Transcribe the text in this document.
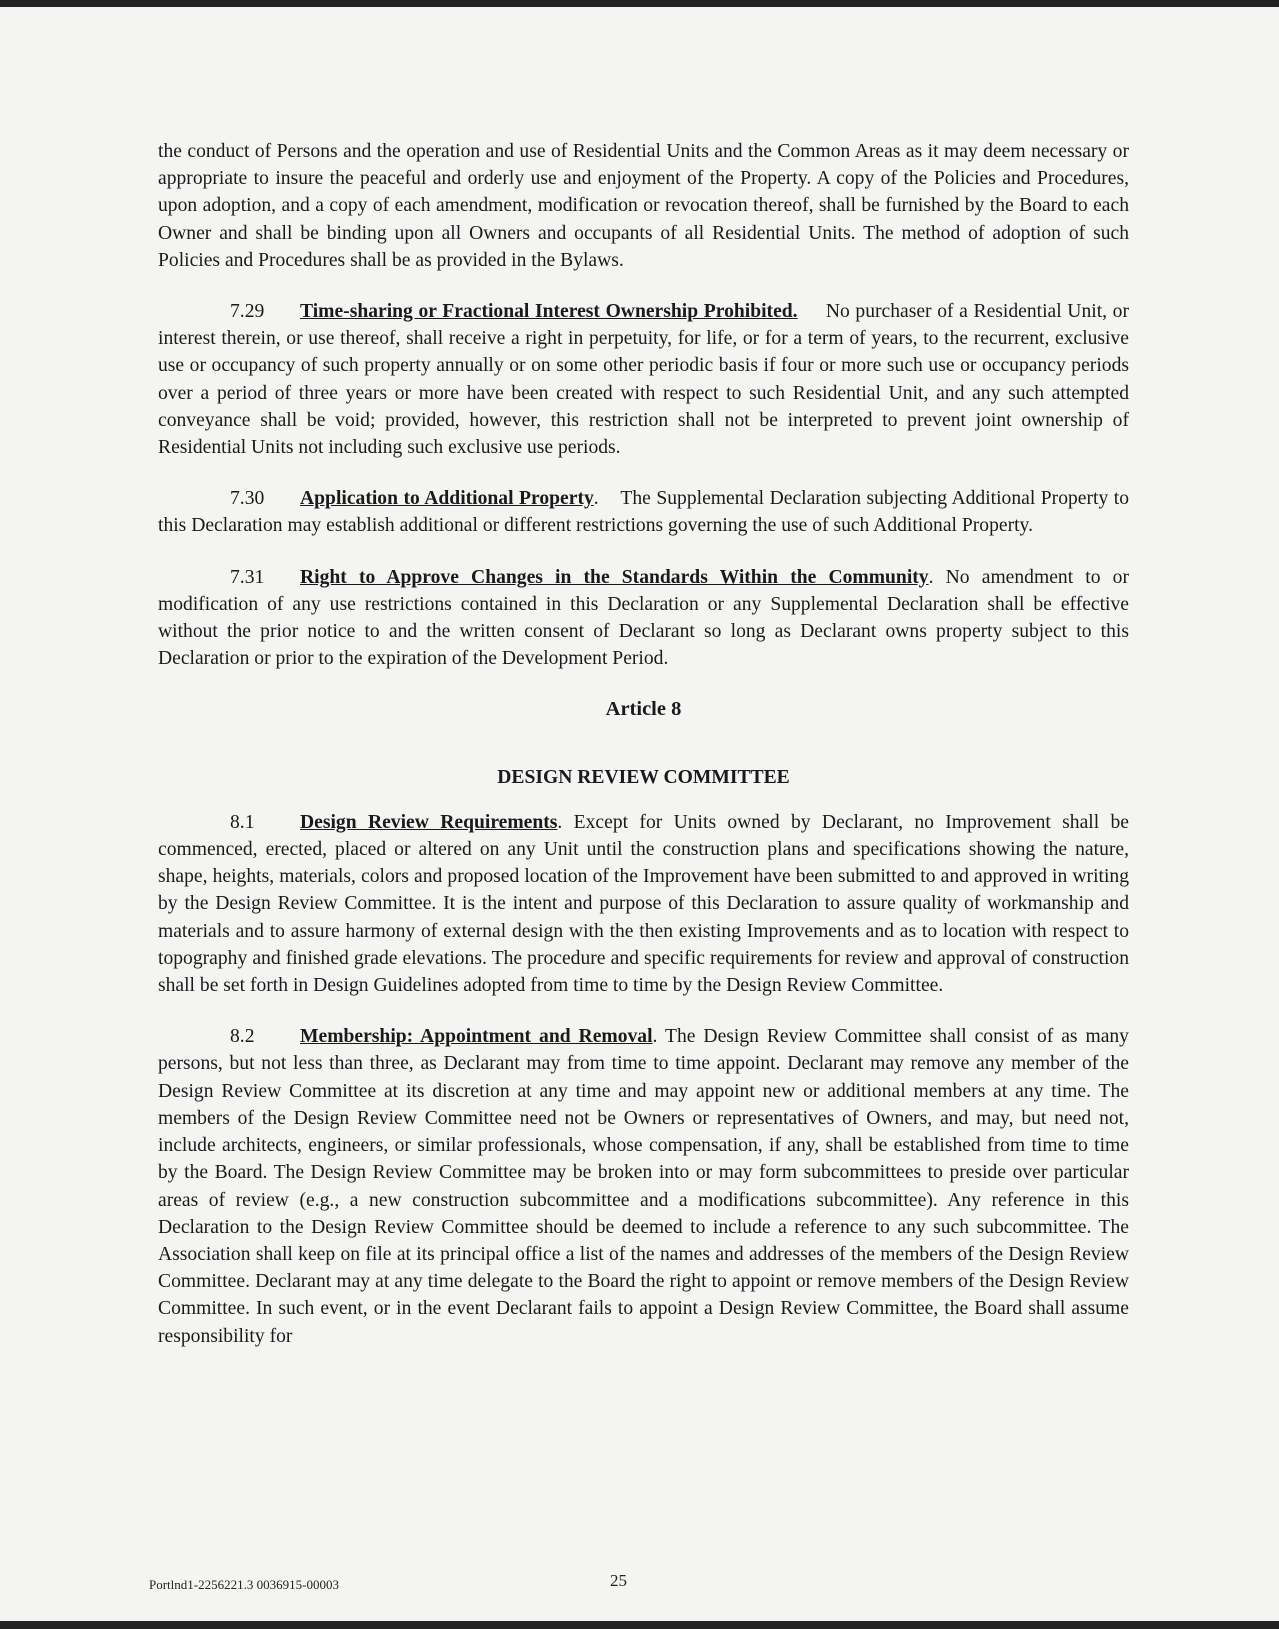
the conduct of Persons and the operation and use of Residential Units and the Common Areas as it may deem necessary or appropriate to insure the peaceful and orderly use and enjoyment of the Property. A copy of the Policies and Procedures, upon adoption, and a copy of each amendment, modification or revocation thereof, shall be furnished by the Board to each Owner and shall be binding upon all Owners and occupants of all Residential Units. The method of adoption of such Policies and Procedures shall be as provided in the Bylaws.

7.29 Time-sharing or Fractional Interest Ownership Prohibited. No purchaser of a Residential Unit, or interest therein, or use thereof, shall receive a right in perpetuity, for life, or for a term of years, to the recurrent, exclusive use or occupancy of such property annually or on some other periodic basis if four or more such use or occupancy periods over a period of three years or more have been created with respect to such Residential Unit, and any such attempted conveyance shall be void; provided, however, this restriction shall not be interpreted to prevent joint ownership of Residential Units not including such exclusive use periods.

7.30 Application to Additional Property.    The Supplemental Declaration subjecting Additional Property to this Declaration may establish additional or different restrictions governing the use of such Additional Property.

7.31 Right to Approve Changes in the Standards Within the Community. No amendment to or modification of any use restrictions contained in this Declaration or any Supplemental Declaration shall be effective without the prior notice to and the written consent of Declarant so long as Declarant owns property subject to this Declaration or prior to the expiration of the Development Period.

Article 8
DESIGN REVIEW COMMITTEE

8.1 Design Review Requirements. Except for Units owned by Declarant, no Improvement shall be commenced, erected, placed or altered on any Unit until the construction plans and specifications showing the nature, shape, heights, materials, colors and proposed location of the Improvement have been submitted to and approved in writing by the Design Review Committee. It is the intent and purpose of this Declaration to assure quality of workmanship and materials and to assure harmony of external design with the then existing Improvements and as to location with respect to topography and finished grade elevations. The procedure and specific requirements for review and approval of construction shall be set forth in Design Guidelines adopted from time to time by the Design Review Committee.

8.2 Membership: Appointment and Removal. The Design Review Committee shall consist of as many persons, but not less than three, as Declarant may from time to time appoint. Declarant may remove any member of the Design Review Committee at its discretion at any time and may appoint new or additional members at any time. The members of the Design Review Committee need not be Owners or representatives of Owners, and may, but need not, include architects, engineers, or similar professionals, whose compensation, if any, shall be established from time to time by the Board. The Design Review Committee may be broken into or may form subcommittees to preside over particular areas of review (e.g., a new construction subcommittee and a modifications subcommittee). Any reference in this Declaration to the Design Review Committee should be deemed to include a reference to any such subcommittee. The Association shall keep on file at its principal office a list of the names and addresses of the members of the Design Review Committee. Declarant may at any time delegate to the Board the right to appoint or remove members of the Design Review Committee. In such event, or in the event Declarant fails to appoint a Design Review Committee, the Board shall assume responsibility for

Portlnd1-2256221.3 0036915-00003	25
